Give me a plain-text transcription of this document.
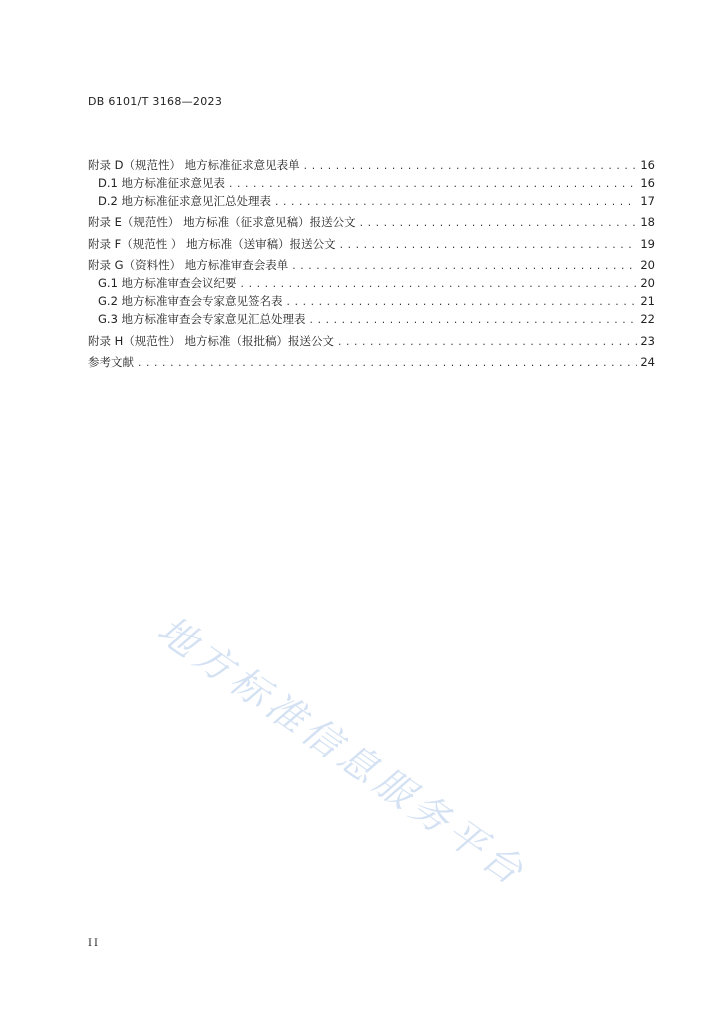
DB 6101/T 3168—2023
附录 D（规范性） 地方标准征求意见表单 .....	16
D.1 地方标准征求意见表 .....	16
D.2 地方标准征求意见汇总处理表 .....	17
附录 E（规范性） 地方标准（征求意见稿）报送公文 .....	18
附录 F（规范性 ） 地方标准（送审稿）报送公文 .....	19
附录 G（资料性） 地方标准审查会表单 .....	20
G.1 地方标准审查会议纪要 .....	20
G.2 地方标准审查会专家意见签名表 .....	21
G.3 地方标准审查会专家意见汇总处理表 .....	22
附录 H（规范性） 地方标准（报批稿）报送公文 .....	23
参考文献 .....	24
地方标准信息服务平台
II
